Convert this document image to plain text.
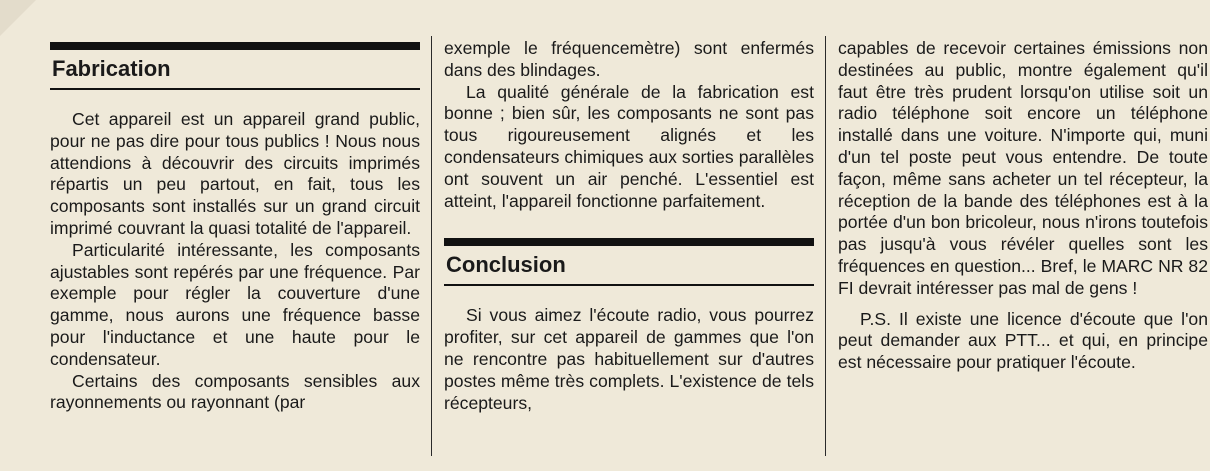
Fabrication

Cet appareil est un appareil grand public, pour ne pas dire pour tous publics ! Nous nous attendions à découvrir des circuits imprimés répartis un peu partout, en fait, tous les composants sont installés sur un grand circuit imprimé couvrant la quasi totalité de l'appareil.

Particularité intéressante, les composants ajustables sont repérés par une fréquence. Par exemple pour régler la couverture d'une gamme, nous aurons une fréquence basse pour l'inductance et une haute pour le condensateur.

Certains des composants sensibles aux rayonnements ou rayonnant (par

exemple le fréquencemètre) sont enfermés dans des blindages.

La qualité générale de la fabrication est bonne ; bien sûr, les composants ne sont pas tous rigoureusement alignés et les condensateurs chimiques aux sorties parallèles ont souvent un air penché. L'essentiel est atteint, l'appareil fonctionne parfaitement.

Conclusion

Si vous aimez l'écoute radio, vous pourrez profiter, sur cet appareil de gammes que l'on ne rencontre pas habituellement sur d'autres postes même très complets. L'existence de tels récepteurs,

capables de recevoir certaines émissions non destinées au public, montre également qu'il faut être très prudent lorsqu'on utilise soit un radio téléphone soit encore un téléphone installé dans une voiture. N'importe qui, muni d'un tel poste peut vous entendre. De toute façon, même sans acheter un tel récepteur, la réception de la bande des téléphones est à la portée d'un bon bricoleur, nous n'irons toutefois pas jusqu'à vous révéler quelles sont les fréquences en question... Bref, le MARC NR 82 FI devrait intéresser pas mal de gens !

P.S. Il existe une licence d'écoute que l'on peut demander aux PTT... et qui, en principe est nécessaire pour pratiquer l'écoute.
